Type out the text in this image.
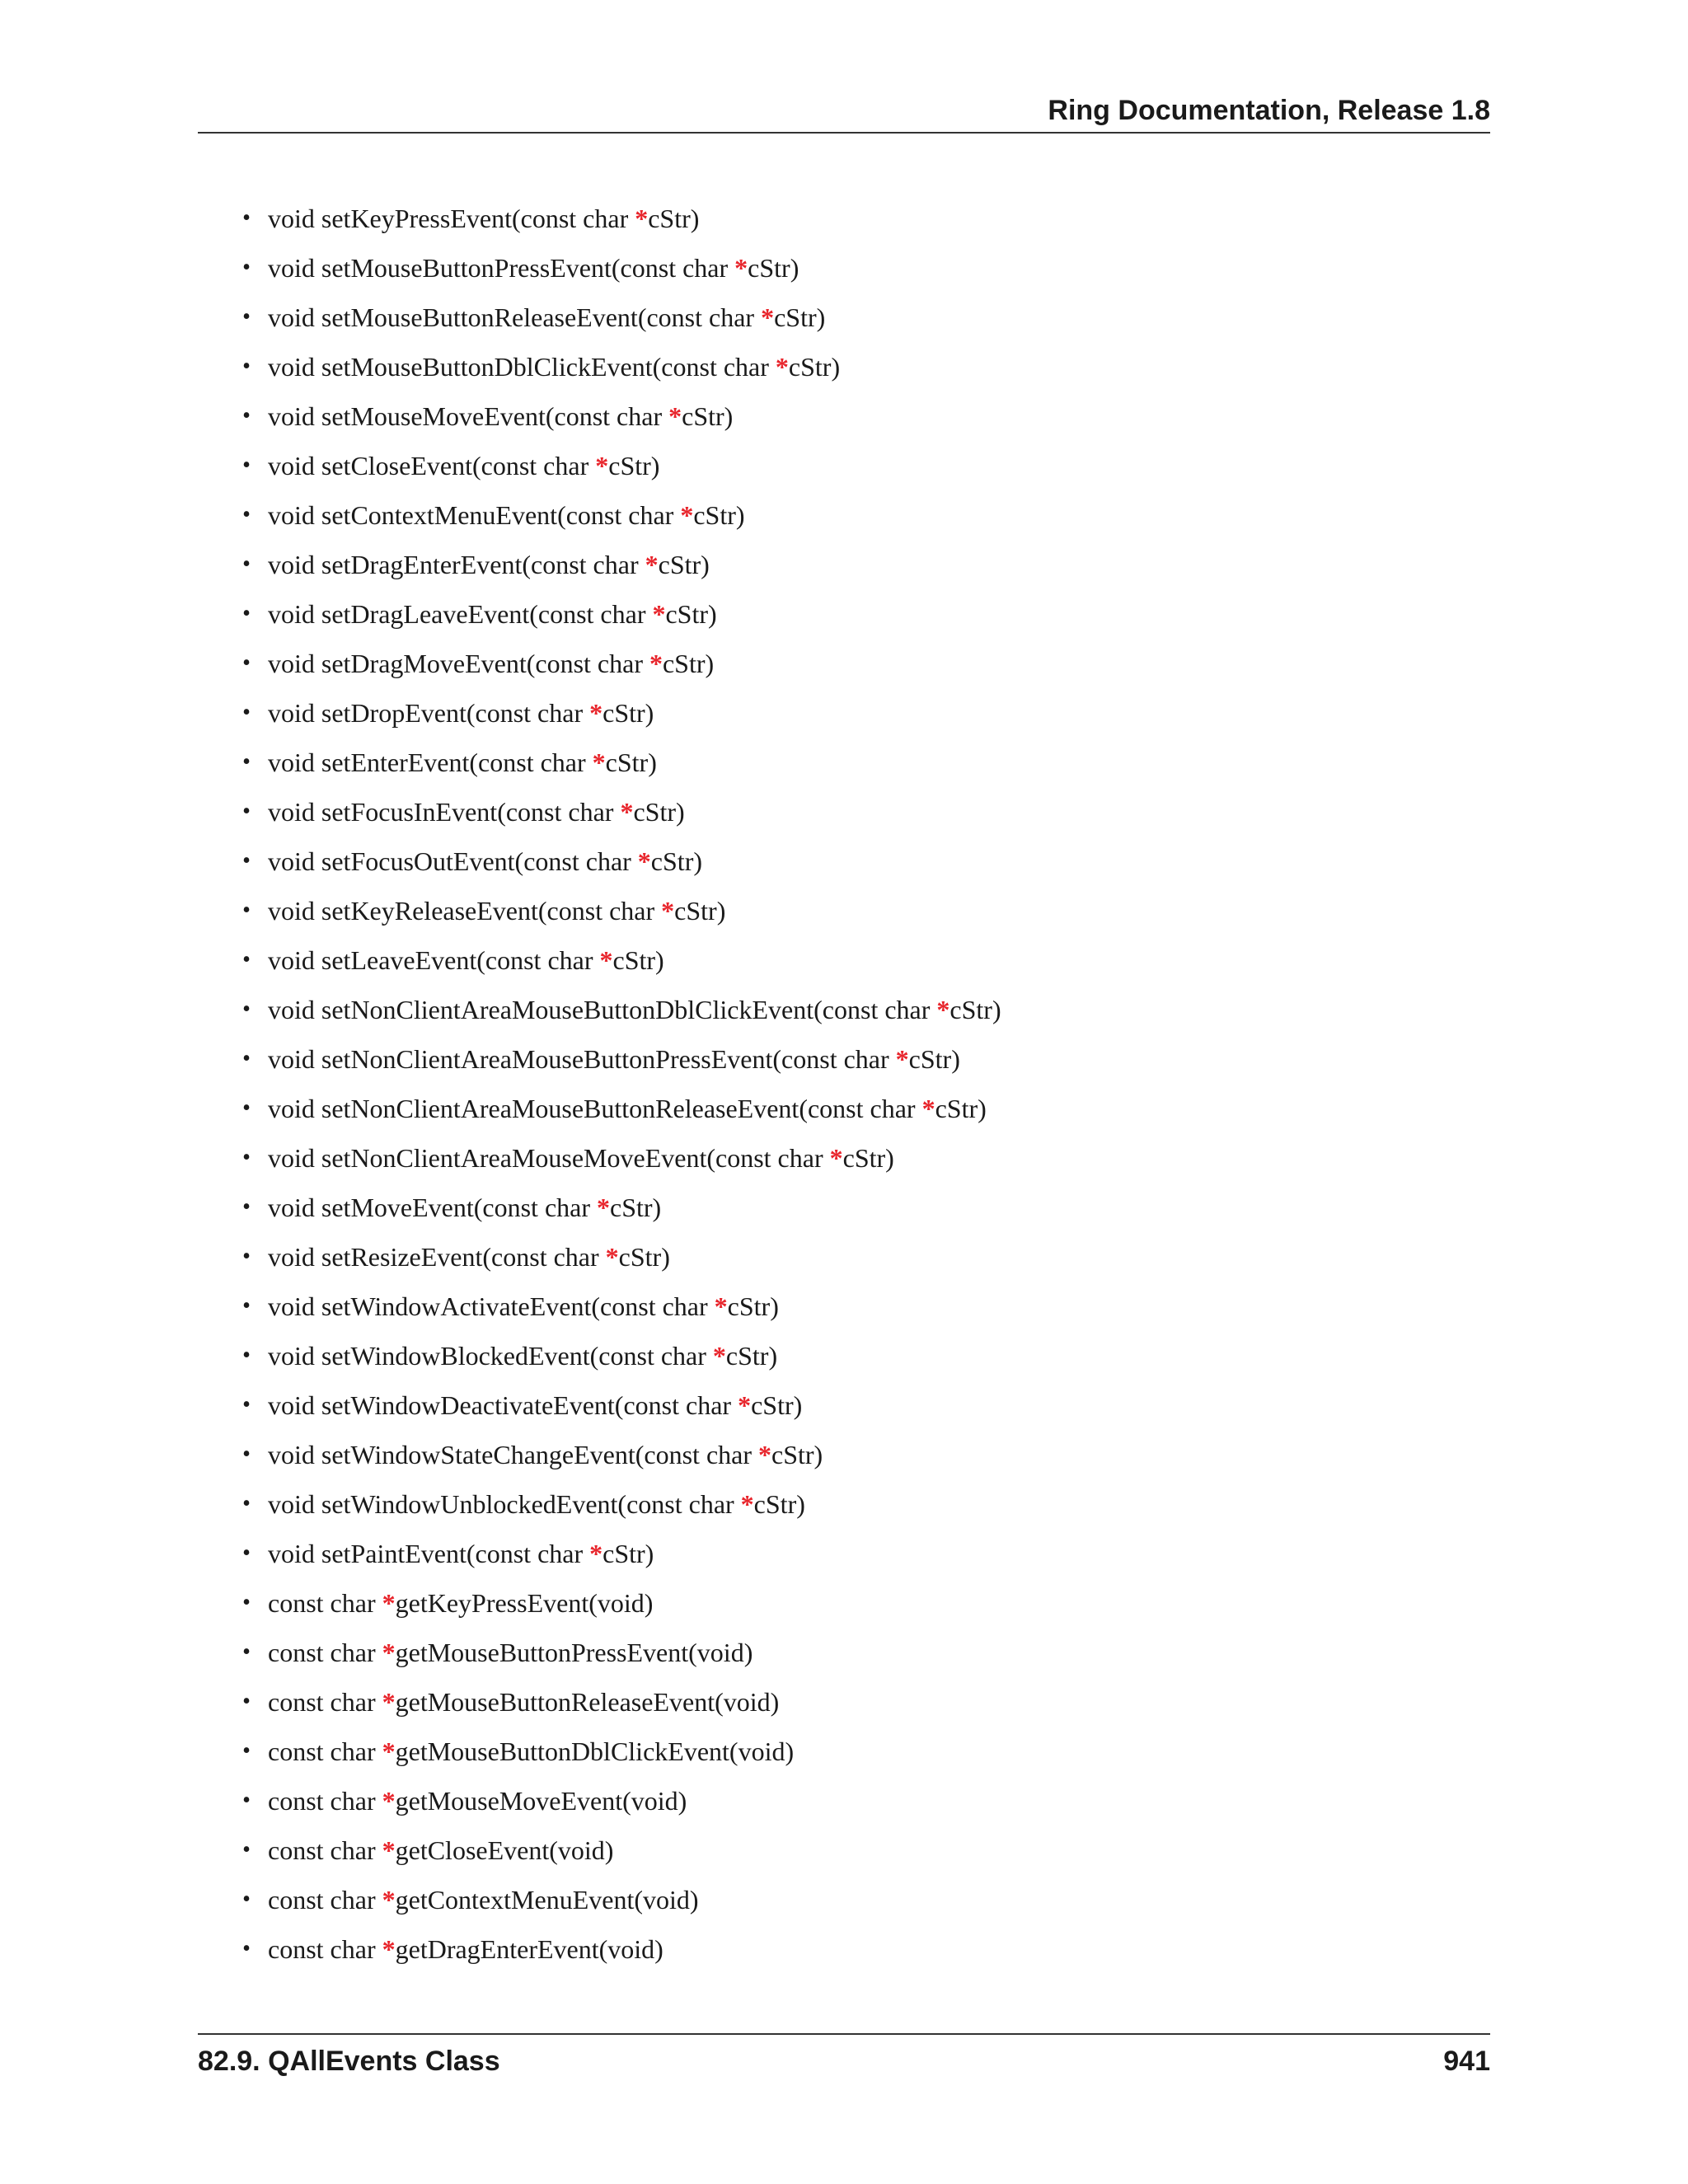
Ring Documentation, Release 1.8
• void setKeyPressEvent(const char *cStr)
• void setMouseButtonPressEvent(const char *cStr)
• void setMouseButtonReleaseEvent(const char *cStr)
• void setMouseButtonDblClickEvent(const char *cStr)
• void setMouseMoveEvent(const char *cStr)
• void setCloseEvent(const char *cStr)
• void setContextMenuEvent(const char *cStr)
• void setDragEnterEvent(const char *cStr)
• void setDragLeaveEvent(const char *cStr)
• void setDragMoveEvent(const char *cStr)
• void setDropEvent(const char *cStr)
• void setEnterEvent(const char *cStr)
• void setFocusInEvent(const char *cStr)
• void setFocusOutEvent(const char *cStr)
• void setKeyReleaseEvent(const char *cStr)
• void setLeaveEvent(const char *cStr)
• void setNonClientAreaMouseButtonDblClickEvent(const char *cStr)
• void setNonClientAreaMouseButtonPressEvent(const char *cStr)
• void setNonClientAreaMouseButtonReleaseEvent(const char *cStr)
• void setNonClientAreaMouseMoveEvent(const char *cStr)
• void setMoveEvent(const char *cStr)
• void setResizeEvent(const char *cStr)
• void setWindowActivateEvent(const char *cStr)
• void setWindowBlockedEvent(const char *cStr)
• void setWindowDeactivateEvent(const char *cStr)
• void setWindowStateChangeEvent(const char *cStr)
• void setWindowUnblockedEvent(const char *cStr)
• void setPaintEvent(const char *cStr)
• const char *getKeyPressEvent(void)
• const char *getMouseButtonPressEvent(void)
• const char *getMouseButtonReleaseEvent(void)
• const char *getMouseButtonDblClickEvent(void)
• const char *getMouseMoveEvent(void)
• const char *getCloseEvent(void)
• const char *getContextMenuEvent(void)
• const char *getDragEnterEvent(void)
82.9. QAllEvents Class	941
